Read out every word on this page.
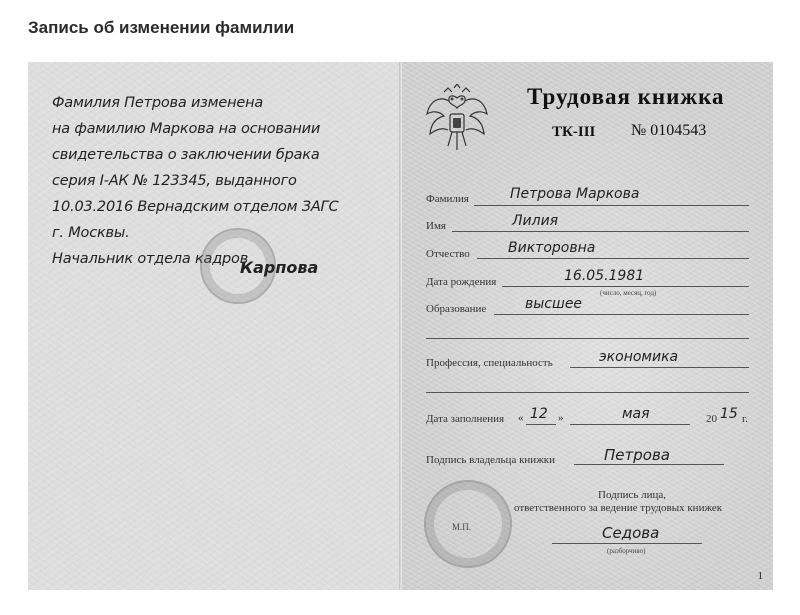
Запись об изменении фамилии
Фамилия Петрова изменена
на фамилию Маркова на основании
свидетельства о заключении брака
серия I-АК № 123345, выданного
10.03.2016 Вернадским отделом ЗАГС
г. Москвы.
Начальник отдела кадров
Карпова
Трудовая книжка
ТК-III № 0104543
Фамилия	Петрова Маркова
Имя	Лилия
Отчество	Викторовна
Дата рождения	16.05.1981
(число, месяц, год)
Образование	высшее
Профессия, специальность	экономика
Дата заполнения « 12 »	мая	20 15 г.
Подпись владельца книжки	Петрова
М.П.
Подпись лица,
ответственного за ведение трудовых книжек
Седова
(разборчиво)
1
